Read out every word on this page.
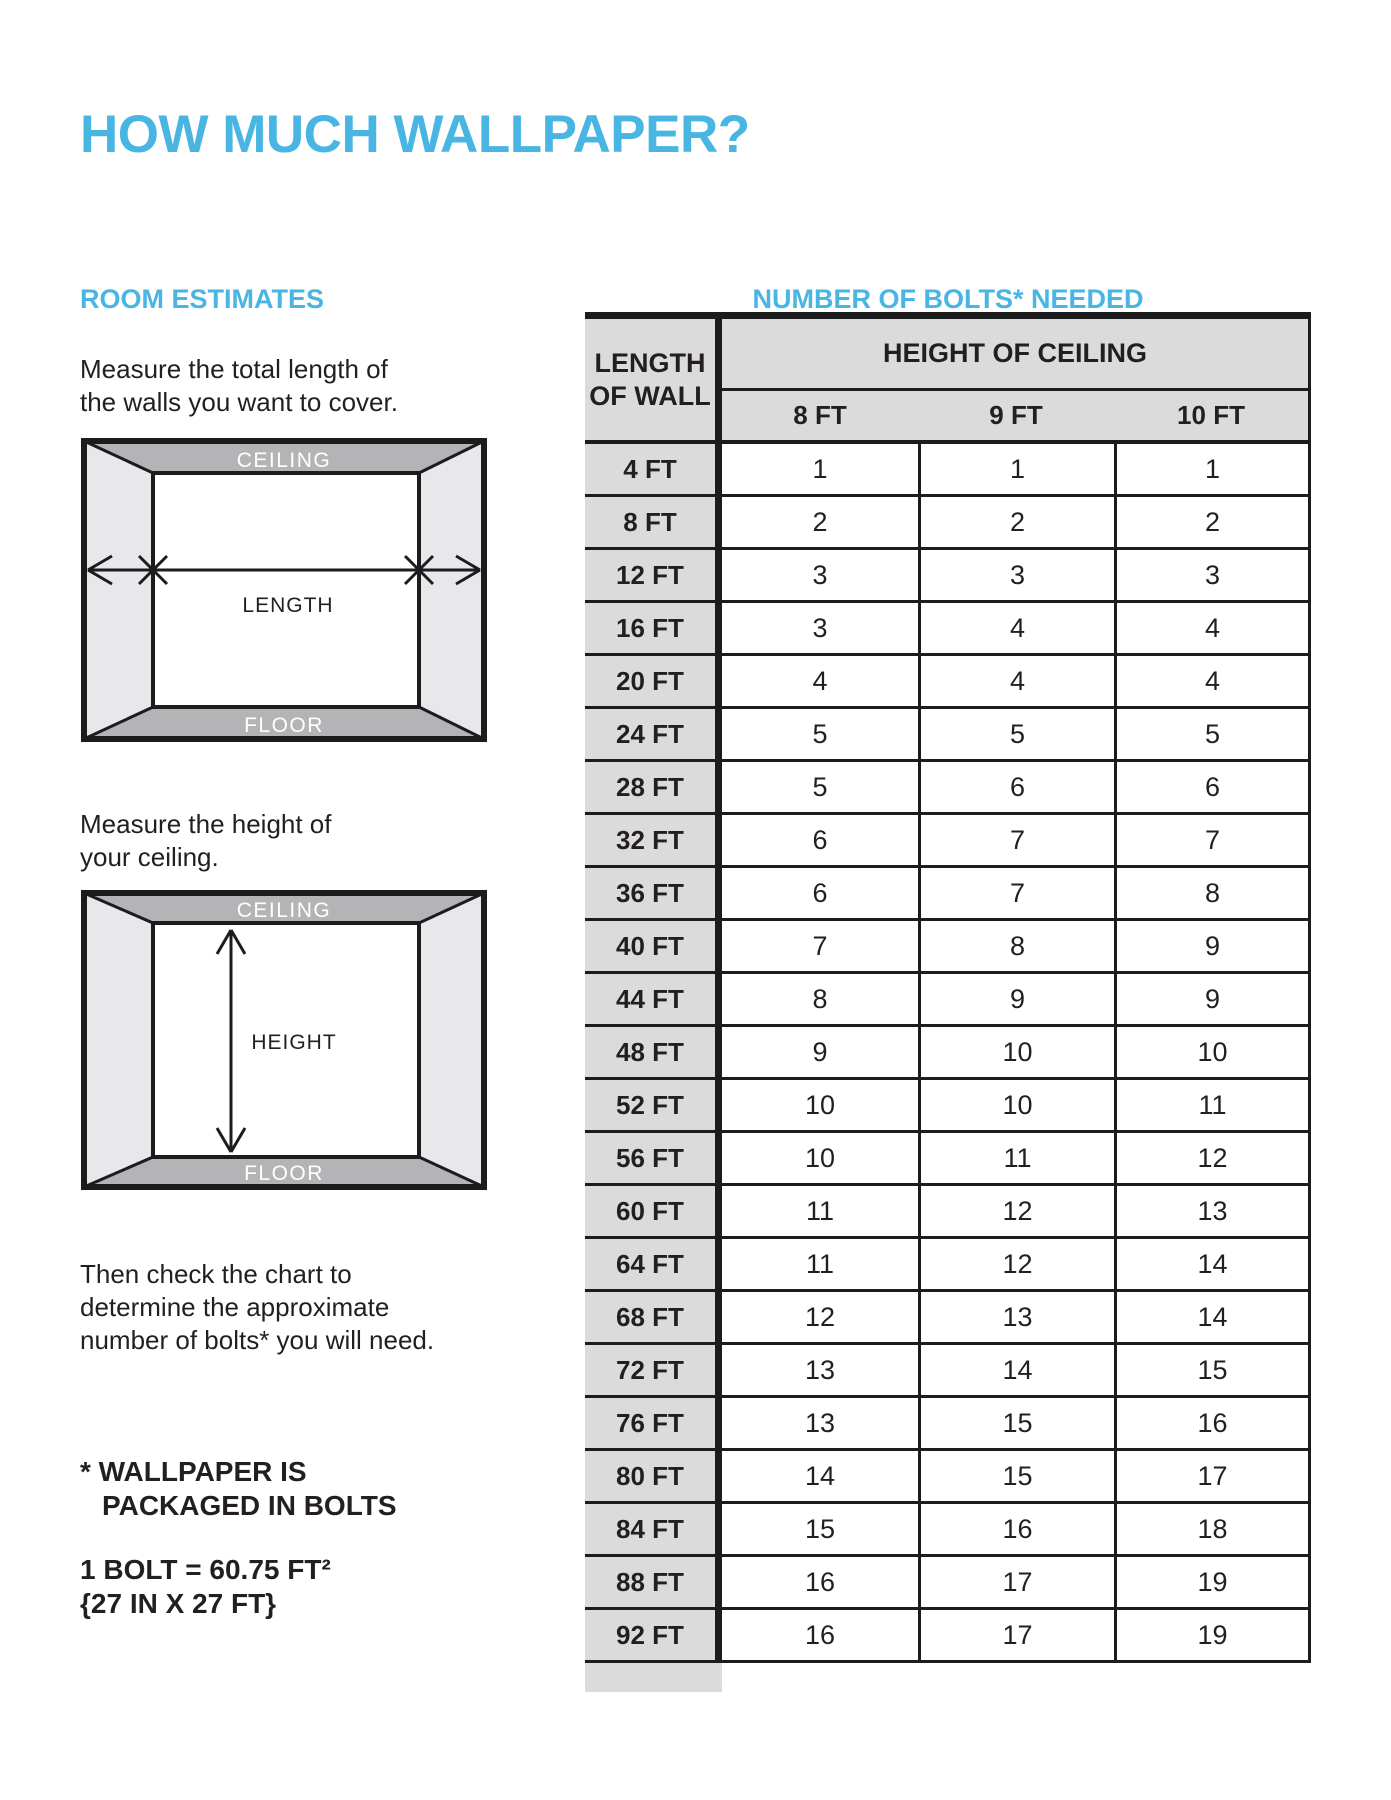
HOW MUCH WALLPAPER?
ROOM ESTIMATES

Measure the total length of
the walls you want to cover.

CEILING
LENGTH
FLOOR

Measure the height of
your ceiling.

CEILING
HEIGHT
FLOOR

Then check the chart to
determine the approximate
number of bolts* you will need.

* WALLPAPER IS
PACKAGED IN BOLTS

1 BOLT = 60.75 FT²
{27 IN X 27 FT}

NUMBER OF BOLTS* NEEDED
LENGTH
OF WALL	HEIGHT OF CEILING		
	8 FT	9 FT	10 FT
4 FT	1	1	1
8 FT	2	2	2
12 FT	3	3	3
16 FT	3	4	4
20 FT	4	4	4
24 FT	5	5	5
28 FT	5	6	6
32 FT	6	7	7
36 FT	6	7	8
40 FT	7	8	9
44 FT	8	9	9
48 FT	9	10	10
52 FT	10	10	11
56 FT	10	11	12
60 FT	11	12	13
64 FT	11	12	14
68 FT	12	13	14
72 FT	13	14	15
76 FT	13	15	16
80 FT	14	15	17
84 FT	15	16	18
88 FT	16	17	19
92 FT	16	17	19
